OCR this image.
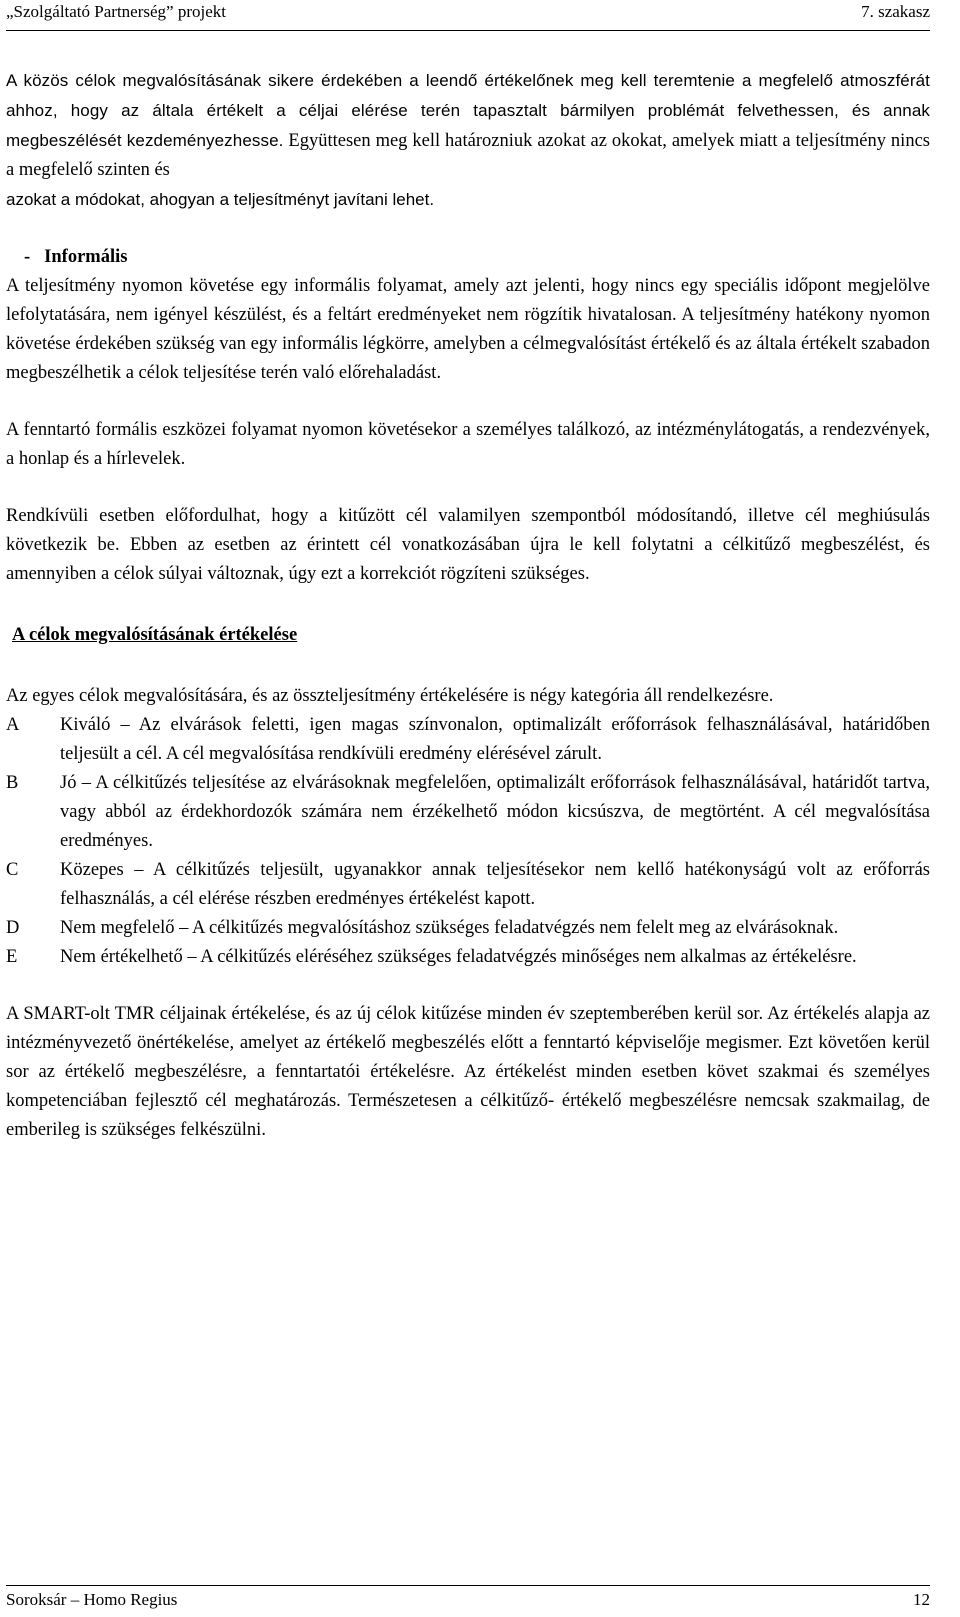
„Szolgáltató Partnerség” projekt	7. szakasz

A közös célok megvalósításának sikere érdekében a leendő értékelőnek meg kell teremtenie a megfelelő atmoszférát ahhoz, hogy az általa értékelt a céljai elérése terén tapasztalt bármilyen problémát felvethessen, és annak megbeszélését kezdeményezhesse. Együttesen meg kell határozniuk azokat az okokat, amelyek miatt a teljesítmény nincs a megfelelő szinten és
azokat a módokat, ahogyan a teljesítményt javítani lehet.

- Informális

A teljesítmény nyomon követése egy informális folyamat, amely azt jelenti, hogy nincs egy speciális időpont megjelölve lefolytatására, nem igényel készülést, és a feltárt eredményeket nem rögzítik hivatalosan. A teljesítmény hatékony nyomon követése érdekében szükség van egy informális légkörre, amelyben a célmegvalósítást értékelő és az általa értékelt szabadon megbeszélhetik a célok teljesítése terén való előrehaladást.

A fenntartó formális eszközei folyamat nyomon követésekor a személyes találkozó, az intézménylátogatás, a rendezvények, a honlap és a hírlevelek.

Rendkívüli esetben előfordulhat, hogy a kitűzött cél valamilyen szempontból módosítandó, illetve cél meghiúsulás következik be. Ebben az esetben az érintett cél vonatkozásában újra le kell folytatni a célkitűző megbeszélést, és amennyiben a célok súlyai változnak, úgy ezt a korrekciót rögzíteni szükséges.

A célok megvalósításának értékelése

Az egyes célok megvalósítására, és az összteljesítmény értékelésére is négy kategória áll rendelkezésre.

A	Kiváló – Az elvárások feletti, igen magas színvonalon, optimalizált erőforrások felhasználásával, határidőben teljesült a cél. A cél megvalósítása rendkívüli eredmény elérésével zárult.
B	Jó – A célkitűzés teljesítése az elvárásoknak megfelelően, optimalizált erőforrások felhasználásával, határidőt tartva, vagy abból az érdekhordozók számára nem érzékelhető módon kicsúszva, de megtörtént. A cél megvalósítása eredményes.
C	Közepes – A célkitűzés teljesült, ugyanakkor annak teljesítésekor nem kellő hatékonyságú volt az erőforrás felhasználás, a cél elérése részben eredményes értékelést kapott.
D	Nem megfelelő – A célkitűzés megvalósításhoz szükséges feladatvégzés nem felelt meg az elvárásoknak.
E	Nem értékelhető – A célkitűzés eléréséhez szükséges feladatvégzés minőséges nem alkalmas az értékelésre.

A SMART-olt TMR céljainak értékelése, és az új célok kitűzése minden év szeptemberében kerül sor. Az értékelés alapja az intézményvezető önértékelése, amelyet az értékelő megbeszélés előtt a fenntartó képviselője megismer. Ezt követően kerül sor az értékelő megbeszélésre, a fenntartatói értékelésre. Az értékelést minden esetben követ szakmai és személyes kompetenciában fejlesztő cél meghatározás. Természetesen a célkitűző- értékelő megbeszélésre nemcsak szakmailag, de emberileg is szükséges felkészülni.

Soroksár – Homo Regius	12
